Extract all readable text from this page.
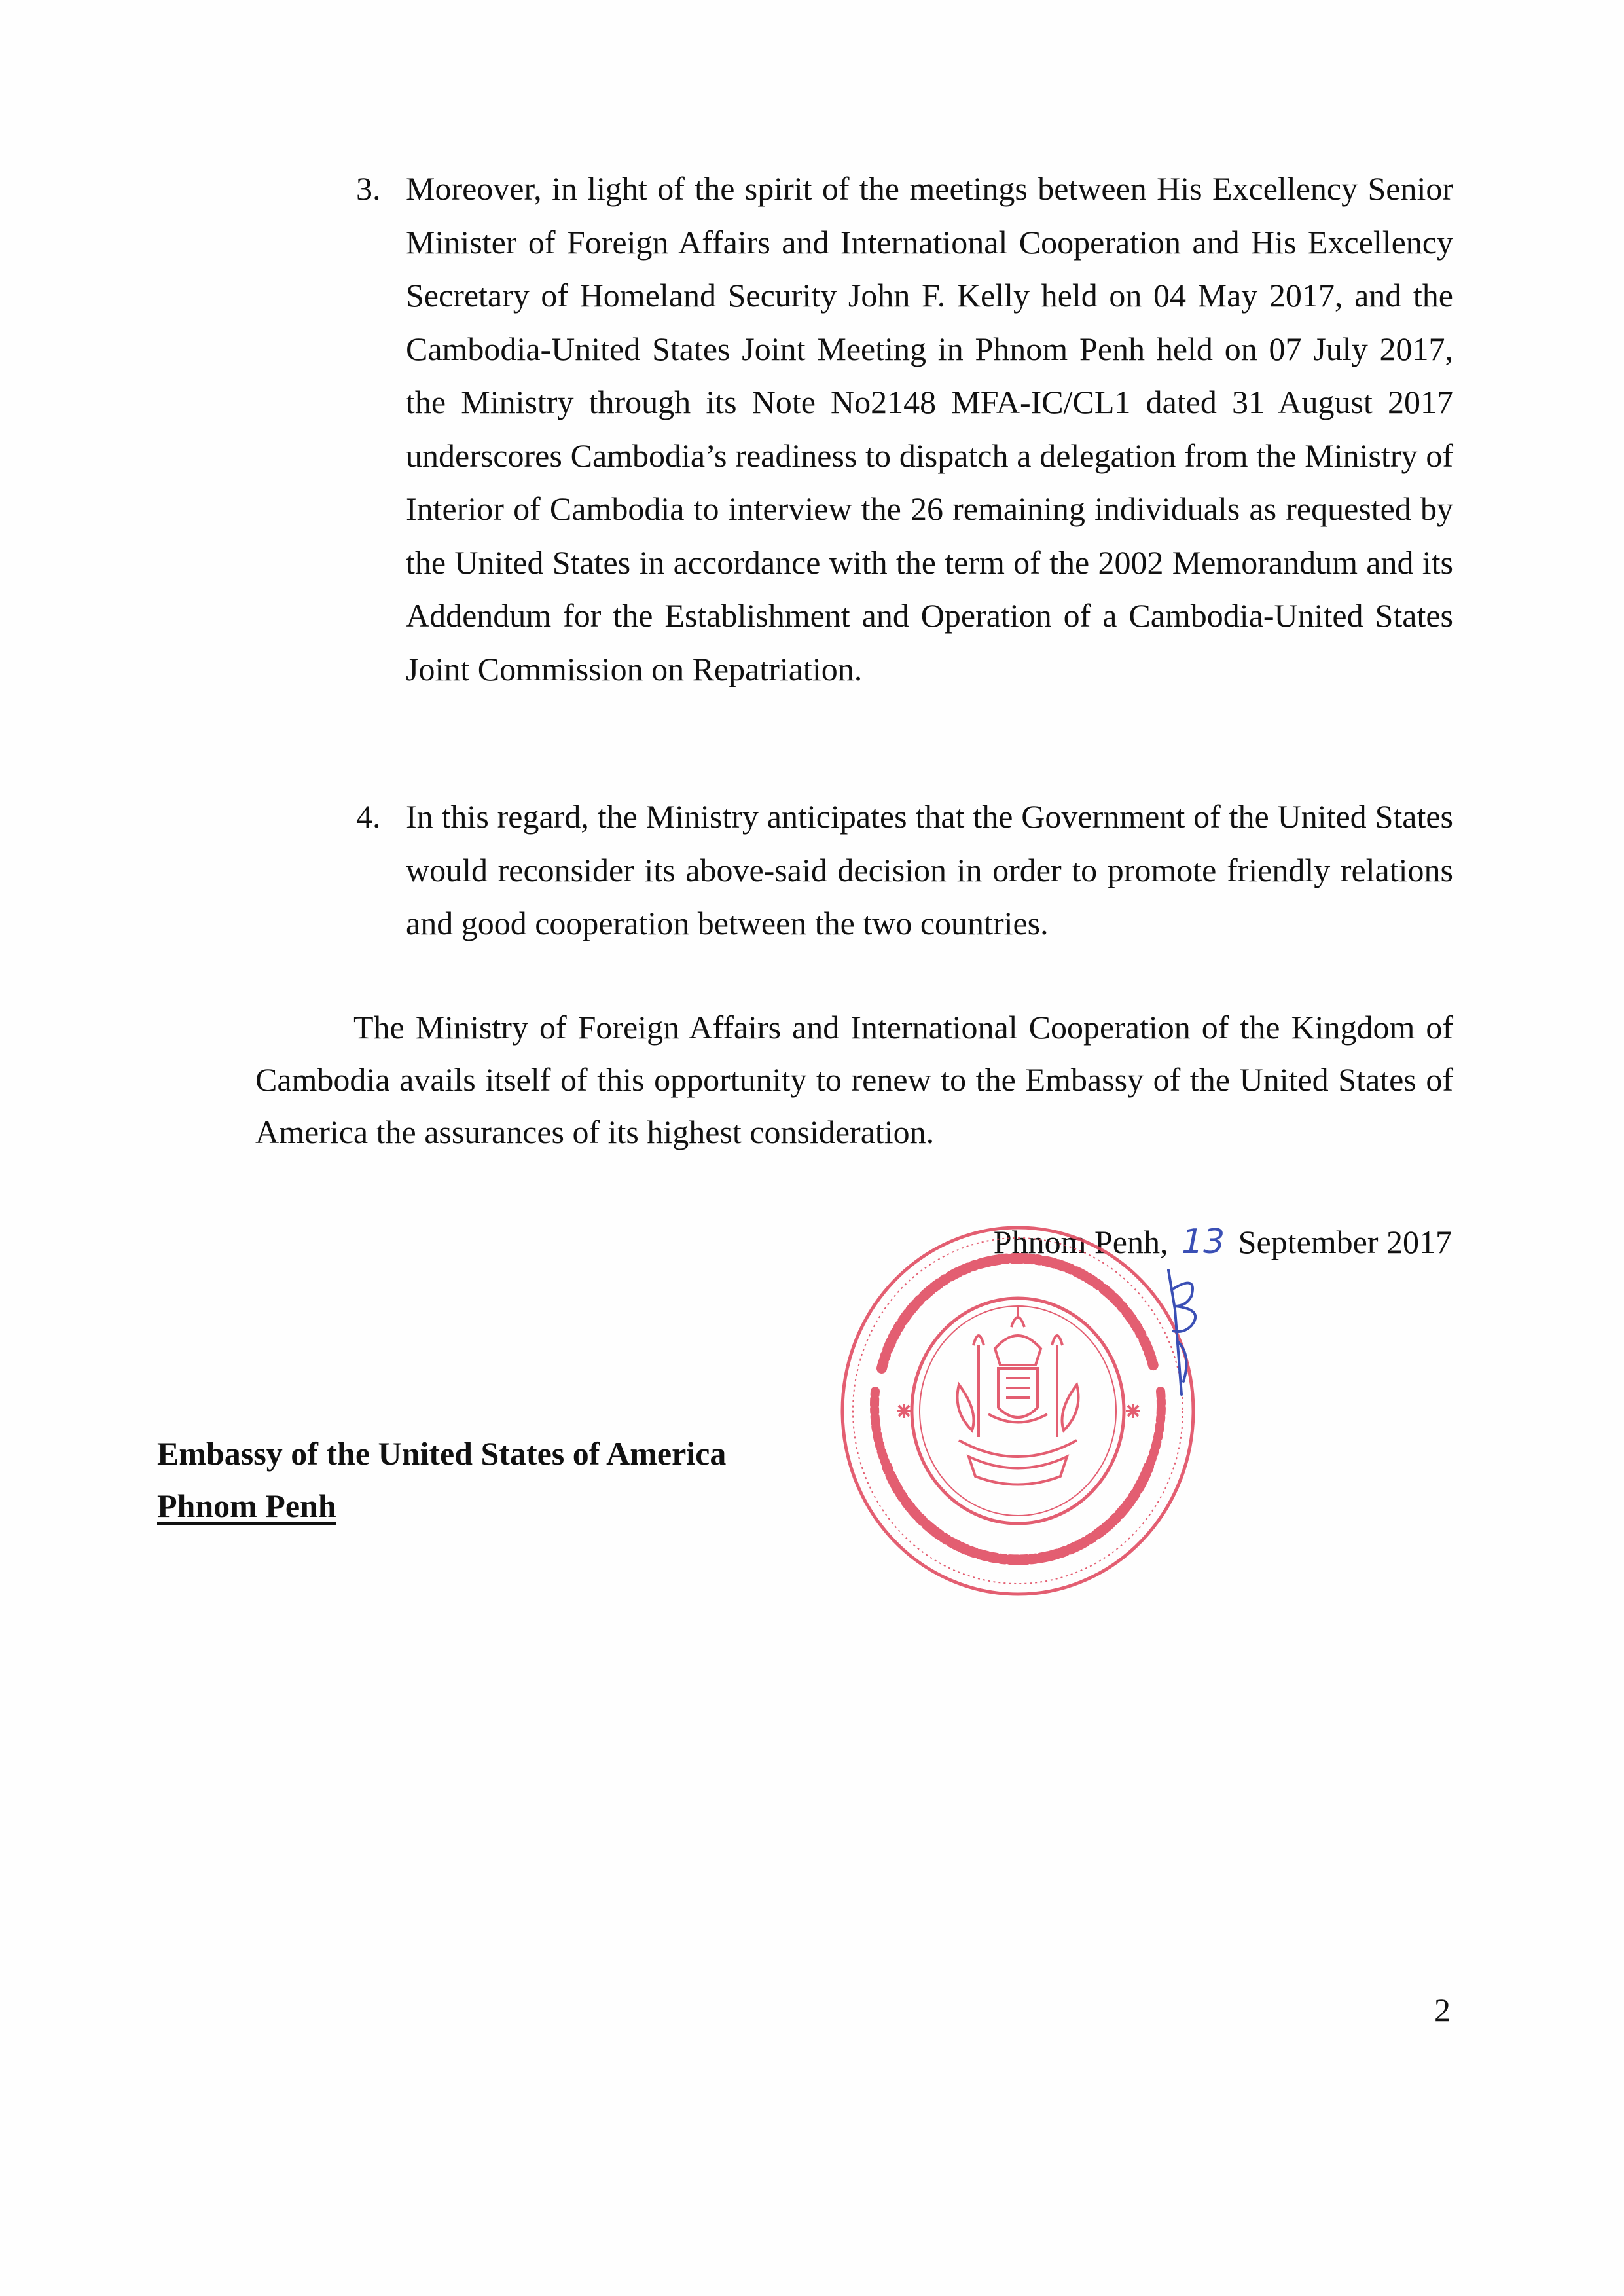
3. Moreover, in light of the spirit of the meetings between His Excellency Senior Minister of Foreign Affairs and International Cooperation and His Excellency Secretary of Homeland Security John F. Kelly held on 04 May 2017, and the Cambodia-United States Joint Meeting in Phnom Penh held on 07 July 2017, the Ministry through its Note No2148 MFA-IC/CL1 dated 31 August 2017 underscores Cambodia’s readiness to dispatch a delegation from the Ministry of Interior of Cambodia to interview the 26 remaining individuals as requested by the United States in accordance with the term of the 2002 Memorandum and its Addendum for the Establishment and Operation of a Cambodia-United States Joint Commission on Repatriation.
4. In this regard, the Ministry anticipates that the Government of the United States would reconsider its above-said decision in order to promote friendly relations and good cooperation between the two countries.

The Ministry of Foreign Affairs and International Cooperation of the Kingdom of Cambodia avails itself of this opportunity to renew to the Embassy of the United States of America the assurances of its highest consideration.

Phnom Penh, 13 September 2017
Embassy of the United States of America
Phnom Penh
2
